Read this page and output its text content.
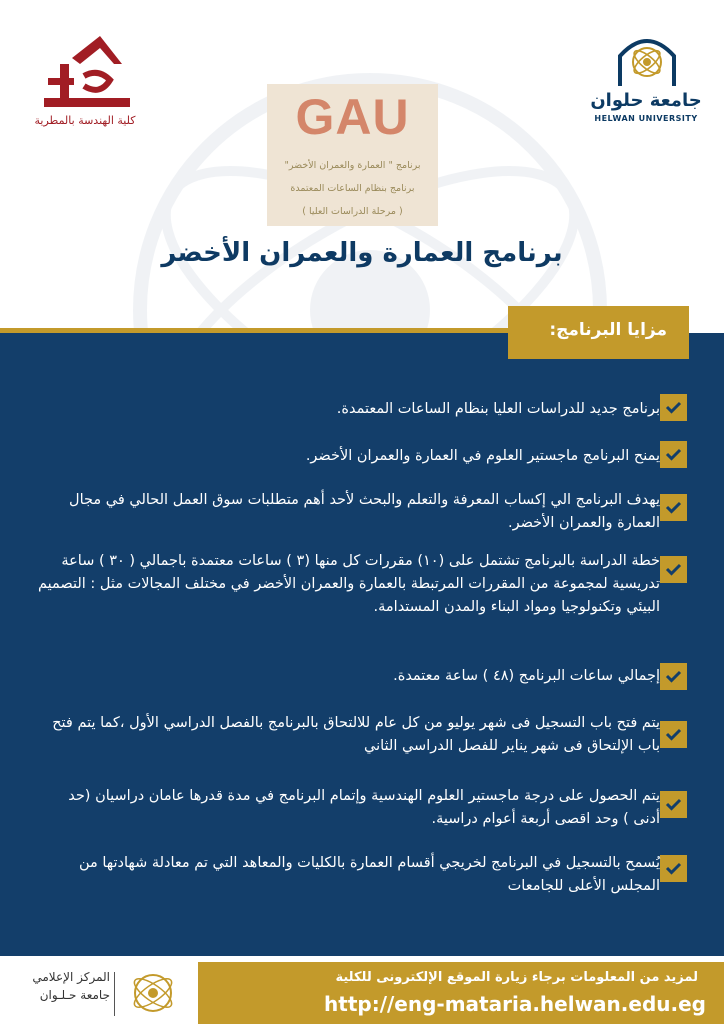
كلية الهندسة بالمطرية
جامعة حلوان
HELWAN UNIVERSITY
GAU
برنامج " العمارة والعمران الأخضر"
برنامج بنظام الساعات المعتمدة
( مرحلة الدراسات العليا )
برنامج العمارة والعمران الأخضر
مزايا البرنامج:
برنامج جديد للدراسات العليا بنظام الساعات المعتمدة.
يمنح البرنامج ماجستير العلوم في العمارة والعمران الأخضر.
يهدف البرنامج الي إكساب المعرفة والتعلم والبحث لأحد أهم متطلبات سوق العمل الحالي في مجال العمارة والعمران الأخضر.
خطة الدراسة بالبرنامج تشتمل على (١٠) مقررات كل منها (٣ ) ساعات معتمدة باجمالي ( ٣٠ ) ساعة تدريسية لمجموعة من المقررات المرتبطة بالعمارة والعمران الأخضر في مختلف المجالات مثل : التصميم البيئي وتكنولوجيا ومواد البناء والمدن المستدامة.
إجمالي ساعات البرنامج (٤٨ ) ساعة معتمدة.
يتم فتح باب التسجيل فى شهر يوليو من كل عام للالتحاق بالبرنامج بالفصل الدراسي الأول ،كما يتم فتح باب الإلتحاق فى شهر يناير للفصل الدراسي الثاني
يتم الحصول على درجة ماجستير العلوم الهندسية وإتمام البرنامج في مدة قدرها عامان دراسيان (حد أدنى ) وحد اقصى أربعة أعوام دراسية.
يُسمح بالتسجيل في البرنامج لخريجي أقسام العمارة بالكليات والمعاهد التي تم معادلة شهادتها من المجلس الأعلى للجامعات
لمزيد من المعلومات برجاء زيارة الموقع الإلكترونى للكلية
http://eng-mataria.helwan.edu.eg
المركز الإعلامي
جامعة حـلـوان
